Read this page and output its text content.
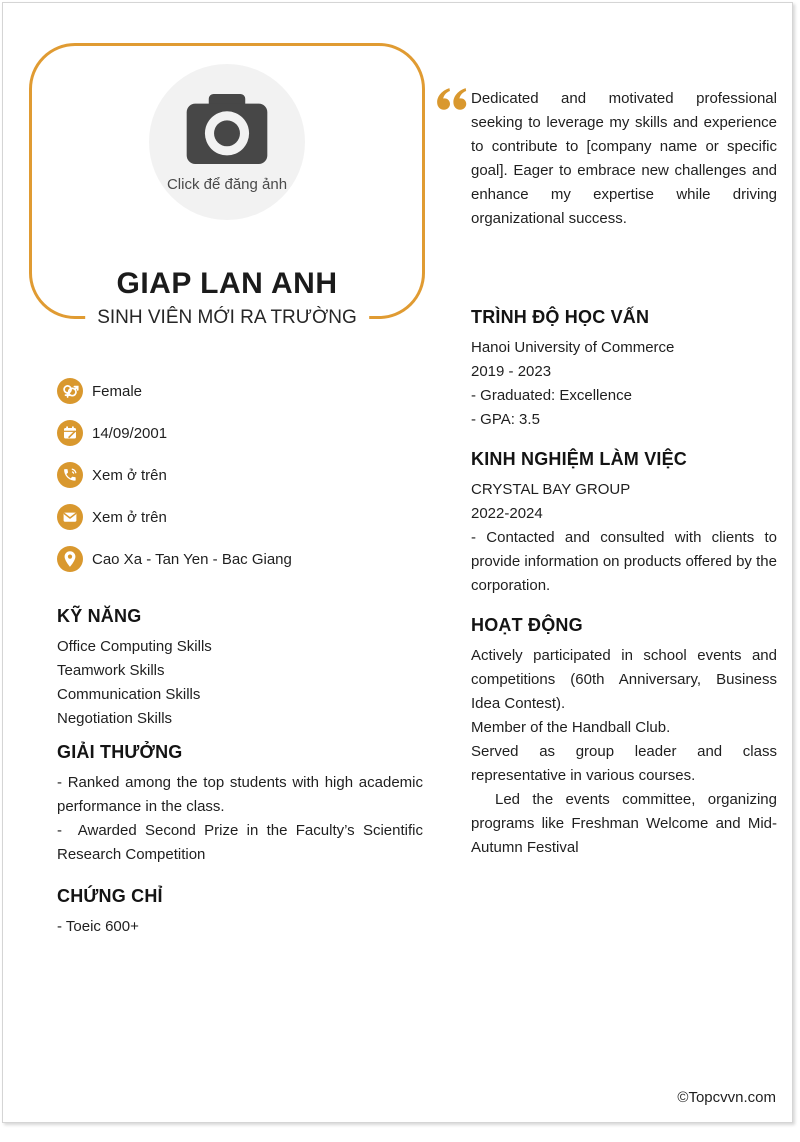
Click để đăng ảnh
GIAP LAN ANH
SINH VIÊN MỚI RA TRƯỜNG
Female
14/09/2001
Xem ở trên
Xem ở trên
Cao Xa - Tan Yen - Bac Giang

Dedicated and motivated professional seeking to leverage my skills and experience to contribute to [company name or specific goal]. Eager to embrace new challenges and enhance my expertise while driving organizational success.

KỸ NĂNG
Office Computing Skills
Teamwork Skills
Communication Skills
Negotiation Skills
GIẢI THƯỞNG

- Ranked among the top students with high academic performance in the class.

-  Awarded Second Prize in the Faculty’s Scientific Research Competition

CHỨNG CHỈ
- Toeic 600+
TRÌNH ĐỘ HỌC VẤN
Hanoi University of Commerce
2019 - 2023
- Graduated: Excellence
- GPA: 3.5
KINH NGHIỆM LÀM VIỆC
CRYSTAL BAY GROUP
2022-2024

- Contacted and consulted with clients to provide information on products offered by the corporation.

HOẠT ĐỘNG

Actively participated in school events and competitions (60th Anniversary, Business Idea Contest).

Member of the Handball Club.

Served as group leader and class representative in various courses.

Led the events committee, organizing programs like Freshman Welcome and Mid-Autumn Festival

©Topcvvn.com
